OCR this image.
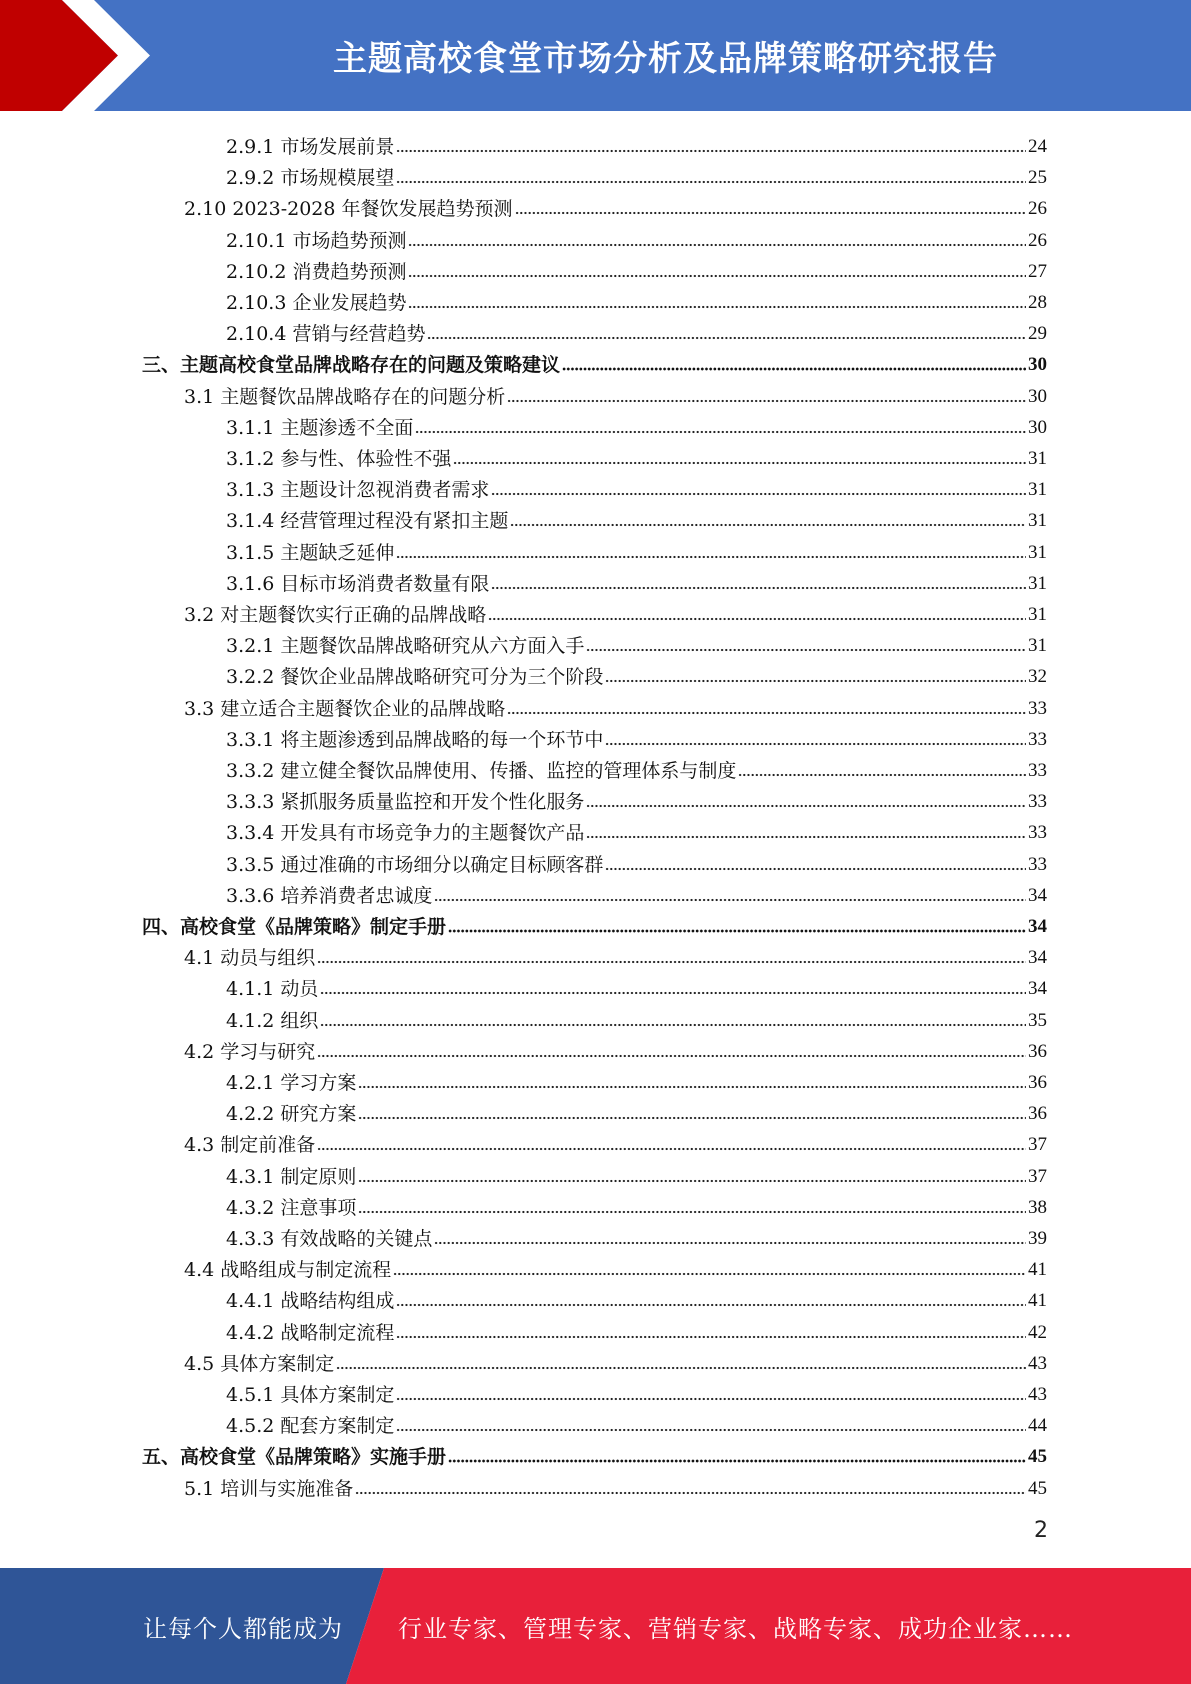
主题高校食堂市场分析及品牌策略研究报告
2.9.1 市场发展前景	24
2.9.2 市场规模展望	25
2.10 2023-2028 年餐饮发展趋势预测	26
2.10.1 市场趋势预测	26
2.10.2 消费趋势预测	27
2.10.3 企业发展趋势	28
2.10.4 营销与经营趋势	29
三、主题高校食堂品牌战略存在的问题及策略建议	30
3.1 主题餐饮品牌战略存在的问题分析	30
3.1.1 主题渗透不全面	30
3.1.2 参与性、体验性不强	31
3.1.3 主题设计忽视消费者需求	31
3.1.4 经营管理过程没有紧扣主题	31
3.1.5 主题缺乏延伸	31
3.1.6 目标市场消费者数量有限	31
3.2 对主题餐饮实行正确的品牌战略	31
3.2.1 主题餐饮品牌战略研究从六方面入手	31
3.2.2 餐饮企业品牌战略研究可分为三个阶段	32
3.3 建立适合主题餐饮企业的品牌战略	33
3.3.1 将主题渗透到品牌战略的每一个环节中	33
3.3.2 建立健全餐饮品牌使用、传播、监控的管理体系与制度	33
3.3.3 紧抓服务质量监控和开发个性化服务	33
3.3.4 开发具有市场竞争力的主题餐饮产品	33
3.3.5 通过准确的市场细分以确定目标顾客群	33
3.3.6 培养消费者忠诚度	34
四、高校食堂《品牌策略》制定手册	34
4.1 动员与组织	34
4.1.1 动员	34
4.1.2 组织	35
4.2 学习与研究	36
4.2.1 学习方案	36
4.2.2 研究方案	36
4.3 制定前准备	37
4.3.1 制定原则	37
4.3.2 注意事项	38
4.3.3 有效战略的关键点	39
4.4 战略组成与制定流程	41
4.4.1 战略结构组成	41
4.4.2 战略制定流程	42
4.5 具体方案制定	43
4.5.1 具体方案制定	43
4.5.2 配套方案制定	44
五、高校食堂《品牌策略》实施手册	45
5.1 培训与实施准备	45
2
让每个人都能成为 行业专家、管理专家、营销专家、战略专家、成功企业家……
